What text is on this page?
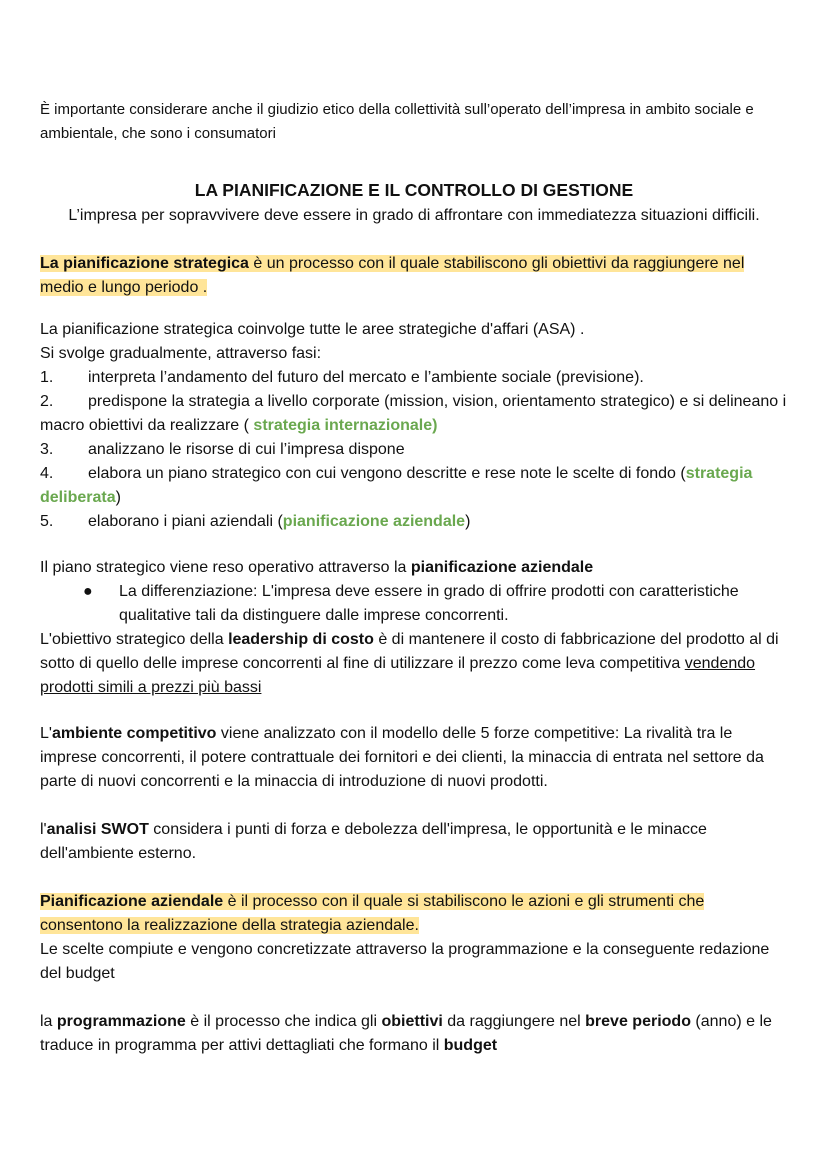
È importante considerare anche il giudizio etico della collettività sull’operato dell’impresa in ambito sociale e ambientale, che sono i consumatori

LA PIANIFICAZIONE E IL CONTROLLO DI GESTIONE

L’impresa per sopravvivere deve essere in grado di affrontare con immediatezza situazioni difficili.

La pianificazione strategica è un processo con il quale stabiliscono gli obiettivi da raggiungere nel medio e lungo periodo .

La pianificazione strategica coinvolge tutte le aree strategiche d'affari (ASA) .

Si svolge gradualmente, attraverso fasi:

1. interpreta l’andamento del futuro del mercato e l’ambiente sociale (previsione).

2. predispone la strategia a livello corporate (mission, vision, orientamento strategico) e si delineano i macro obiettivi da realizzare ( strategia internazionale)

3. analizzano le risorse di cui l’impresa dispone

4. elabora un piano strategico con cui vengono descritte e rese note le scelte di fondo (strategia deliberata)

5. elaborano i piani aziendali (pianificazione aziendale)

Il piano strategico viene reso operativo attraverso la pianificazione aziendale

●	La differenziazione: L'impresa deve essere in grado di offrire prodotti con caratteristiche qualitative tali da distinguere dalle imprese concorrenti.

L'obiettivo strategico della leadership di costo è di mantenere il costo di fabbricazione del prodotto al di sotto di quello delle imprese concorrenti al fine di utilizzare il prezzo come leva competitiva vendendo prodotti simili a prezzi più bassi

L'ambiente competitivo viene analizzato con il modello delle 5 forze competitive: La rivalità tra le imprese concorrenti, il potere contrattuale dei fornitori e dei clienti, la minaccia di entrata nel settore da parte di nuovi concorrenti e la minaccia di introduzione di nuovi prodotti.

l'analisi SWOT considera i punti di forza e debolezza dell'impresa, le opportunità e le minacce dell'ambiente esterno.

Pianificazione aziendale è il processo con il quale si stabiliscono le azioni e gli strumenti che consentono la realizzazione della strategia aziendale.

Le scelte compiute e vengono concretizzate attraverso la programmazione e la conseguente redazione del budget

la programmazione è il processo che indica gli obiettivi da raggiungere nel breve periodo (anno) e le traduce in programma per attivi dettagliati che formano il budget
